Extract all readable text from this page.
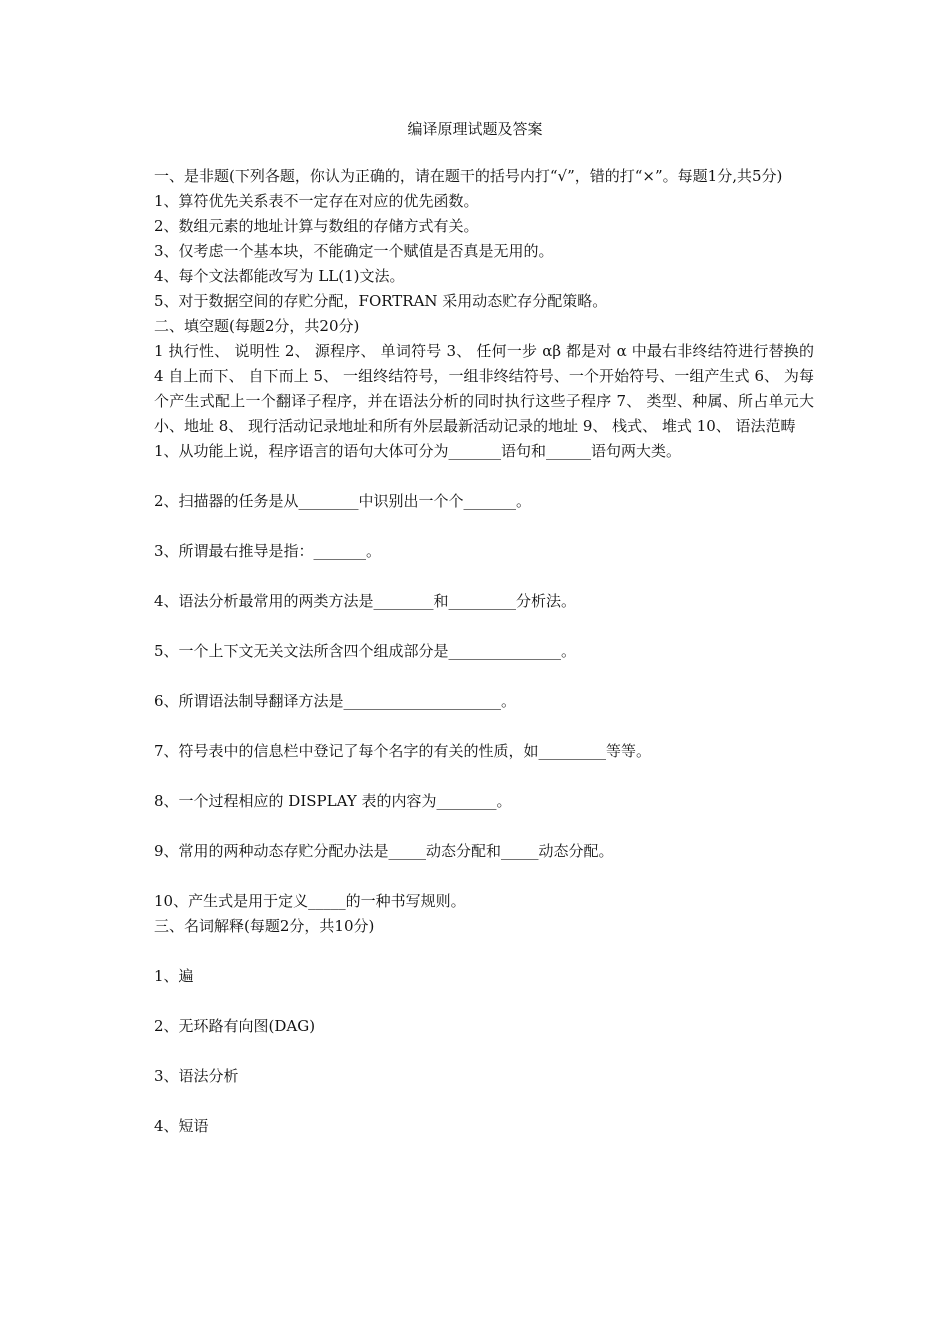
编译原理试题及答案

一、是非题(下列各题，你认为正确的，请在题干的括号内打“√”，错的打“×”。每题1分,共5分)

1、算符优先关系表不一定存在对应的优先函数。

2、数组元素的地址计算与数组的存储方式有关。

3、仅考虑一个基本块，不能确定一个赋值是否真是无用的。

4、每个文法都能改写为 LL(1)文法。

5、对于数据空间的存贮分配，FORTRAN 采用动态贮存分配策略。

二、填空题(每题2分，共20分)

1 执行性、 说明性 2、 源程序、 单词符号 3、 任何一步 αβ 都是对 α 中最右非终结符进行替换的 4 自上而下、 自下而上 5、 一组终结符号，一组非终结符号、一个开始符号、一组产生式 6、 为每个产生式配上一个翻译子程序，并在语法分析的同时执行这些子程序 7、 类型、种属、所占单元大小、地址 8、 现行活动记录地址和所有外层最新活动记录的地址 9、 栈式、 堆式 10、 语法范畴

1、从功能上说，程序语言的语句大体可分为_______语句和______语句两大类。

2、扫描器的任务是从________中识别出一个个_______。

3、所谓最右推导是指：_______。

4、语法分析最常用的两类方法是________和_________分析法。

5、一个上下文无关文法所含四个组成部分是_______________。

6、所谓语法制导翻译方法是_____________________。

7、符号表中的信息栏中登记了每个名字的有关的性质，如_________等等。

8、一个过程相应的 DISPLAY 表的内容为________。

9、常用的两种动态存贮分配办法是_____动态分配和_____动态分配。

10、产生式是用于定义_____的一种书写规则。

三、名词解释(每题2分，共10分)

1、遍

2、无环路有向图(DAG)

3、语法分析

4、短语
